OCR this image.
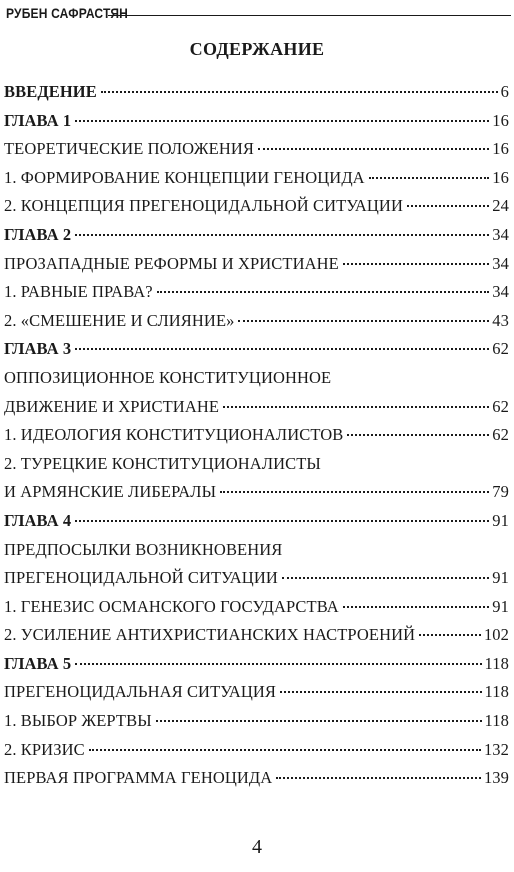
РУБЕН САФРАСТЯН
СОДЕРЖАНИЕ
ВВЕДЕНИЕ	6
ГЛАВА 1	16
ТЕОРЕТИЧЕСКИЕ ПОЛОЖЕНИЯ	16
1. ФОРМИРОВАНИЕ КОНЦЕПЦИИ ГЕНОЦИДА	16
2. КОНЦЕПЦИЯ ПРЕГЕНОЦИДАЛЬНОЙ СИТУАЦИИ	24
ГЛАВА 2	34
ПРОЗАПАДНЫЕ РЕФОРМЫ И ХРИСТИАНЕ	34
1. РАВНЫЕ ПРАВА?	34
2. «СМЕШЕНИЕ И СЛИЯНИЕ»	43
ГЛАВА 3	62
ОППОЗИЦИОННОЕ КОНСТИТУЦИОННОЕ
ДВИЖЕНИЕ И ХРИСТИАНЕ	62
1. ИДЕОЛОГИЯ КОНСТИТУЦИОНАЛИСТОВ	62
2. ТУРЕЦКИЕ КОНСТИТУЦИОНАЛИСТЫ
И АРМЯНСКИЕ ЛИБЕРАЛЫ	79
ГЛАВА 4	91
ПРЕДПОСЫЛКИ ВОЗНИКНОВЕНИЯ
ПРЕГЕНОЦИДАЛЬНОЙ СИТУАЦИИ	91
1. ГЕНЕЗИС ОСМАНСКОГО ГОСУДАРСТВА	91
2. УСИЛЕНИЕ АНТИХРИСТИАНСКИХ НАСТРОЕНИЙ	102
ГЛАВА 5	118
ПРЕГЕНОЦИДАЛЬНАЯ СИТУАЦИЯ	118
1. ВЫБОР ЖЕРТВЫ	118
2. КРИЗИС	132
ПЕРВАЯ ПРОГРАММА ГЕНОЦИДА	139
4
